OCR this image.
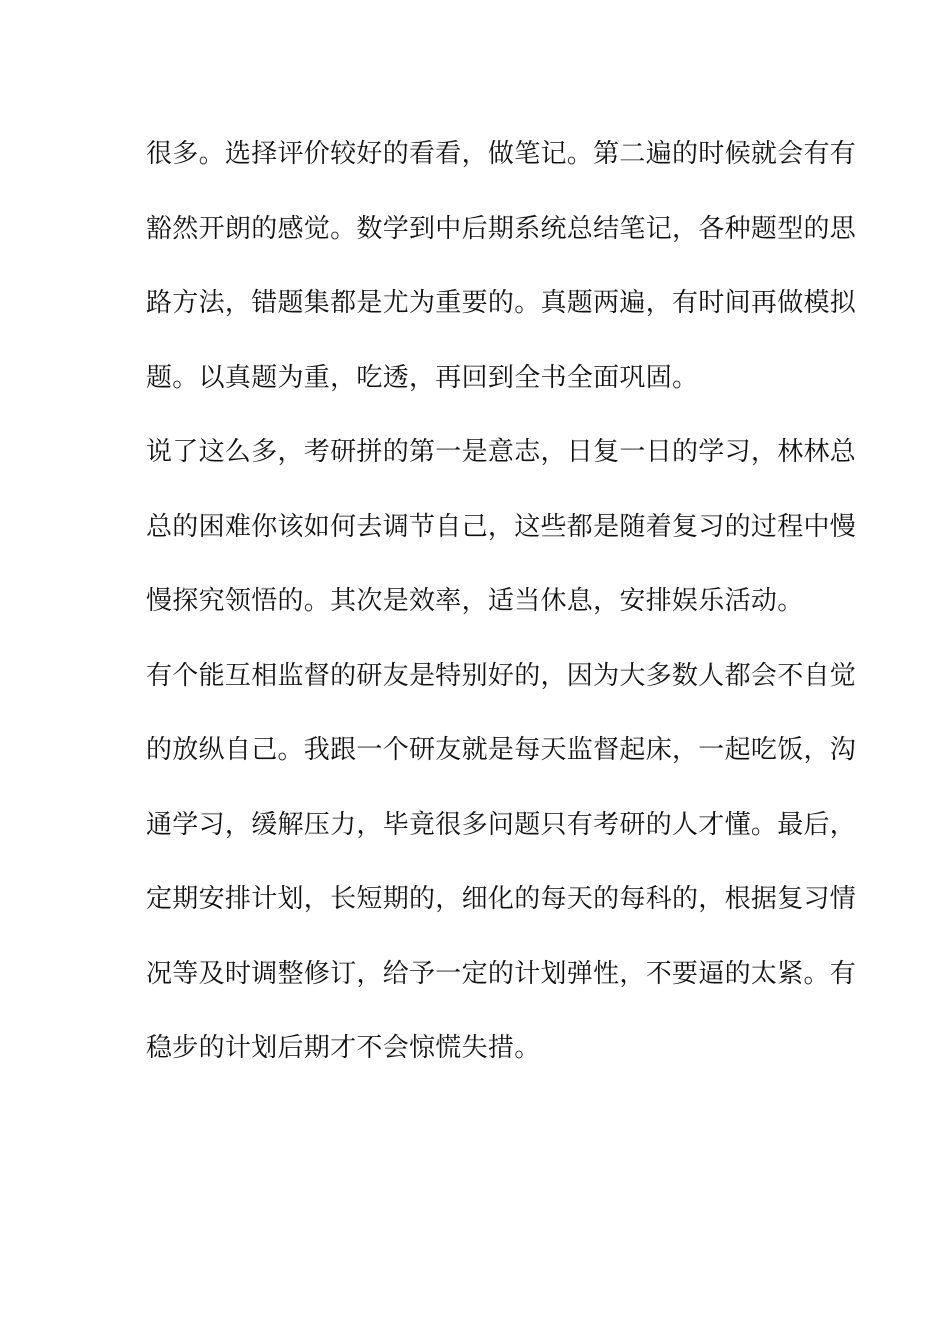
很多。选择评价较好的看看，做笔记。第二遍的时候就会有有
豁然开朗的感觉。数学到中后期系统总结笔记，各种题型的思
路方法，错题集都是尤为重要的。真题两遍，有时间再做模拟
题。以真题为重，吃透，再回到全书全面巩固。
说了这么多，考研拼的第一是意志，日复一日的学习，林林总
总的困难你该如何去调节自己，这些都是随着复习的过程中慢
慢探究领悟的。其次是效率，适当休息，安排娱乐活动。
有个能互相监督的研友是特别好的，因为大多数人都会不自觉
的放纵自己。我跟一个研友就是每天监督起床，一起吃饭，沟
通学习，缓解压力，毕竟很多问题只有考研的人才懂。最后，
定期安排计划，长短期的，细化的每天的每科的，根据复习情
况等及时调整修订，给予一定的计划弹性，不要逼的太紧。有
稳步的计划后期才不会惊慌失措。
